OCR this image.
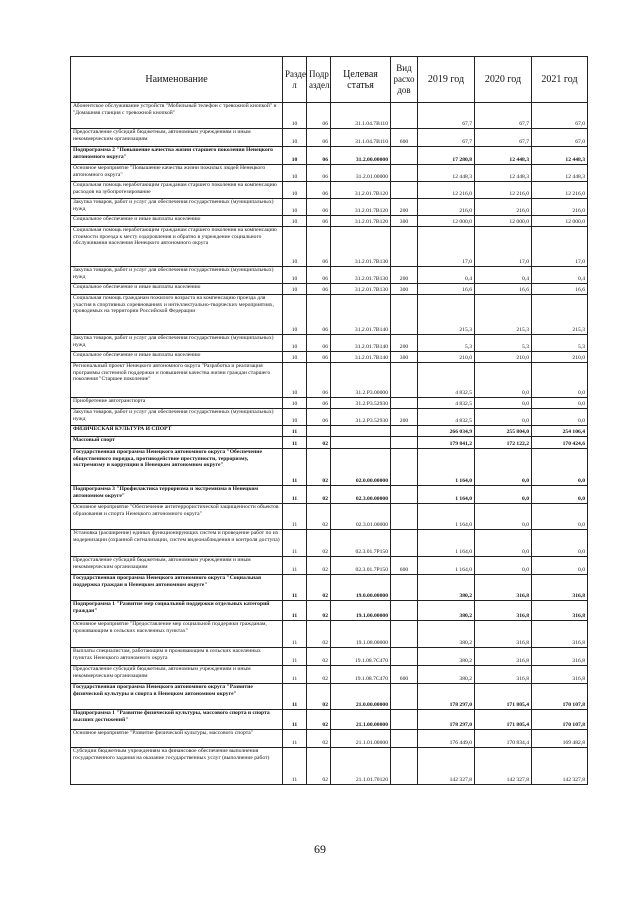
Наименование	Разде л	Подр аздел	Целевая статья	Вид расхо дов	2019 год	2020 год	2021 год
Абонентское обслуживание устройств "Мобильный телефон с тревожной кнопкой" и "Домашняя станция с тревожной кнопкой"	10	06	31.1.04.7В110		67,7	67,7	67,0
Предоставление субсидий бюджетным, автономным учреждениям и иным некоммерческим организациям	10	06	31.1.04.7В110	600	67,7	67,7	67,0
Подпрограмма 2 "Повышение качества жизни старшего поколения Ненецкого автономного округа"	10	06	31.2.00.00000		17 280,8	12 448,3	12 448,3
Основное мероприятие "Повышение качества жизни пожилых людей Ненецкого автономного округа"	10	06	31.2.01.00000		12 448,3	12 448,3	12 448,3
Социальная помощь неработающим гражданам старшего поколения на компенсацию расходов на зубопротезирование	10	06	31.2.01.7В120		12 216,0	12 216,0	12 216,0
Закупка товаров, работ и услуг для обеспечения государственных (муниципальных) нужд	10	06	31.2.01.7В120	200	216,0	216,0	216,0
Социальное обеспечение и иные выплаты населению	10	06	31.2.01.7В120	300	12 000,0	12 000,0	12 000,0
Социальная помощь неработающим гражданам старшего поколения на компенсацию стоимости проезда к месту оздоровления и обратно в учреждение социального обслуживания населения Ненецкого автономного округа	10	06	31.2.01.7В130		17,0	17,0	17,0
Закупка товаров, работ и услуг для обеспечения государственных (муниципальных) нужд	10	06	31.2.01.7В130	200	0,4	0,4	0,4
Социальное обеспечение и иные выплаты населению	10	06	31.2.01.7В130	300	16,6	16,6	16,6
Социальная помощь гражданам пожилого возраста на компенсацию проезда для участия в спортивных соревнованиях и интеллектуально-творческих мероприятиях, проводимых на территории Российской Федерации	10	06	31.2.01.7В140		215,3	215,3	215,3
Закупка товаров, работ и услуг для обеспечения государственных (муниципальных) нужд	10	06	31.2.01.7В140	200	5,3	5,3	5,3
Социальное обеспечение и иные выплаты населению	10	06	31.2.01.7В140	300	210,0	210,0	210,0
Региональный проект Ненецкого автономного округа "Разработка и реализация программы системной поддержки и повышения качества жизни граждан старшего поколения "Старшее поколение"	10	06	31.2.P3.00000		4 832,5	0,0	0,0
Приобретение автотранспорта	10	06	31.2.P3.52930		4 832,5	0,0	0,0
Закупка товаров, работ и услуг для обеспечения государственных (муниципальных) нужд	10	06	31.2.P3.52930	200	4 832,5	0,0	0,0
ФИЗИЧЕСКАЯ КУЛЬТУРА И СПОРТ	11				266 034,9	255 804,0	254 106,4
Массовый спорт	11	02			179 841,2	172 122,2	170 424,6
Государственная программа Ненецкого автономного округа "Обеспечение общественного порядка, противодействие преступности, терроризму, экстремизму и коррупции в Ненецком автономном округе"	11	02	02.0.00.00000		1 164,0	0,0	0,0
Подпрограмма 3 "Профилактика терроризма и экстремизма в Ненецком автономном округе"	11	02	02.3.00.00000		1 164,0	0,0	0,0
Основное мероприятие "Обеспечение антитеррористической защищенности объектов образования и спорта Ненецкого автономного округа"	11	02	02.3.01.00000		1 164,0	0,0	0,0
Установка (расширение) единых функционирующих систем и проведение работ по их модернизации (охранной сигнализации, систем видеонаблюдения и контроля доступа)	11	02	02.3.01.7Р150		1 164,0	0,0	0,0
Предоставление субсидий бюджетным, автономным учреждениям и иным некоммерческим организациям	11	02	02.3.01.7Р150	600	1 164,0	0,0	0,0
Государственная программа Ненецкого автономного округа "Социальная поддержка граждан в Ненецком автономном округе"	11	02	19.0.00.00000		380,2	316,8	316,8
Подпрограмма 1 "Развитие мер социальной поддержки отдельных категорий граждан"	11	02	19.1.00.00000		380,2	316,8	316,8
Основное мероприятие "Предоставление мер социальной поддержки гражданам, проживающим в сельских населенных пунктах"	11	02	19.1.08.00000		380,2	316,8	316,8
Выплаты специалистам, работающим и проживающим в сельских населенных пунктах Ненецкого автономного округа	11	02	19.1.08.7С470		380,2	316,8	316,8
Предоставление субсидий бюджетным, автономным учреждениям и иным некоммерческим организациям	11	02	19.1.08.7С470	600	380,2	316,8	316,8
Государственная программа Ненецкого автономного округа "Развитие физической культуры и спорта в Ненецком автономном округе"	11	02	21.0.00.00000		178 297,0	171 805,4	170 107,8
Подпрограмма 1 "Развитие физической культуры, массового спорта и спорта высших достижений"	11	02	21.1.00.00000		178 297,0	171 805,4	170 107,8
Основное мероприятие "Развитие физической культуры, массового спорта"	11	02	21.1.01.00000		176 449,0	170 834,4	169 482,8
Субсидии бюджетным учреждениям на финансовое обеспечение выполнения государственного задания на оказание государственных услуг (выполнение работ)	11	02	21.1.01.70120		142 327,8	142 327,8	142 327,8
69
